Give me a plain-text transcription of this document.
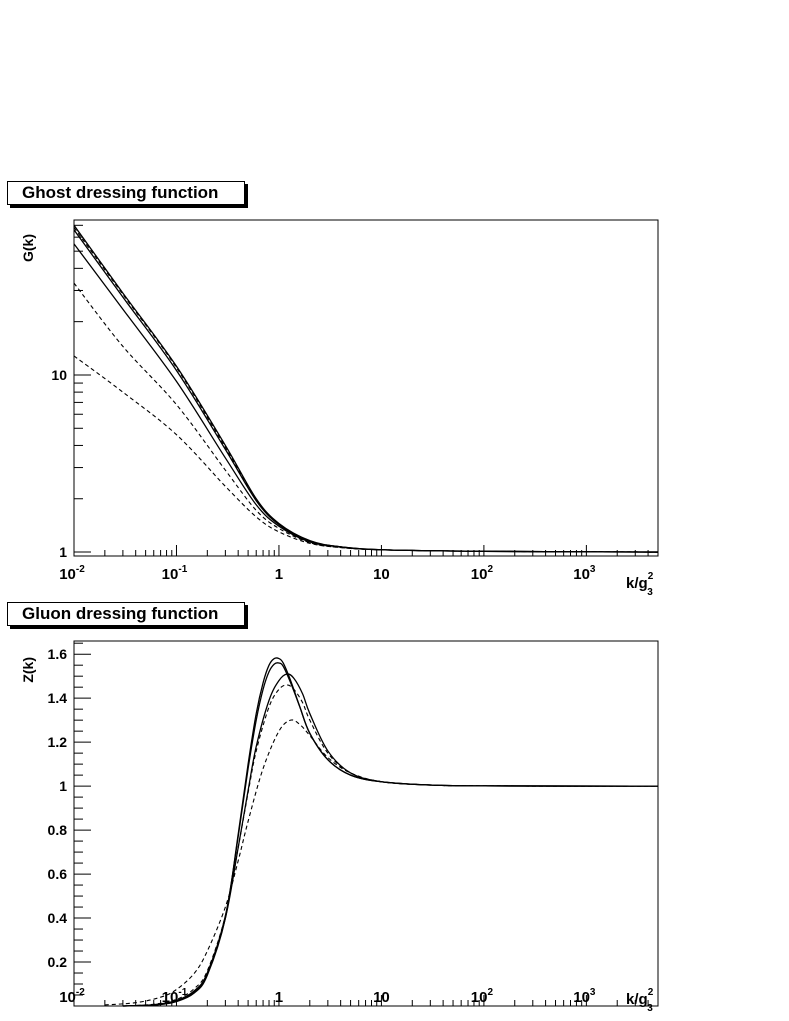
Ghost dressing function
Gluon dressing function
$10^{-2}$	$10^{-1}$	1	10	$10^2$	$10^3$
$k/g^2$ 3
G(k)
1
10
$10^{-2}$	$10^{-1}$	1	10	$10^2$	$10^3$ $k/g^2$ 3
Z(k)
0.2
0.4
0.6
0.8
1
1.2
1.4
1.6
